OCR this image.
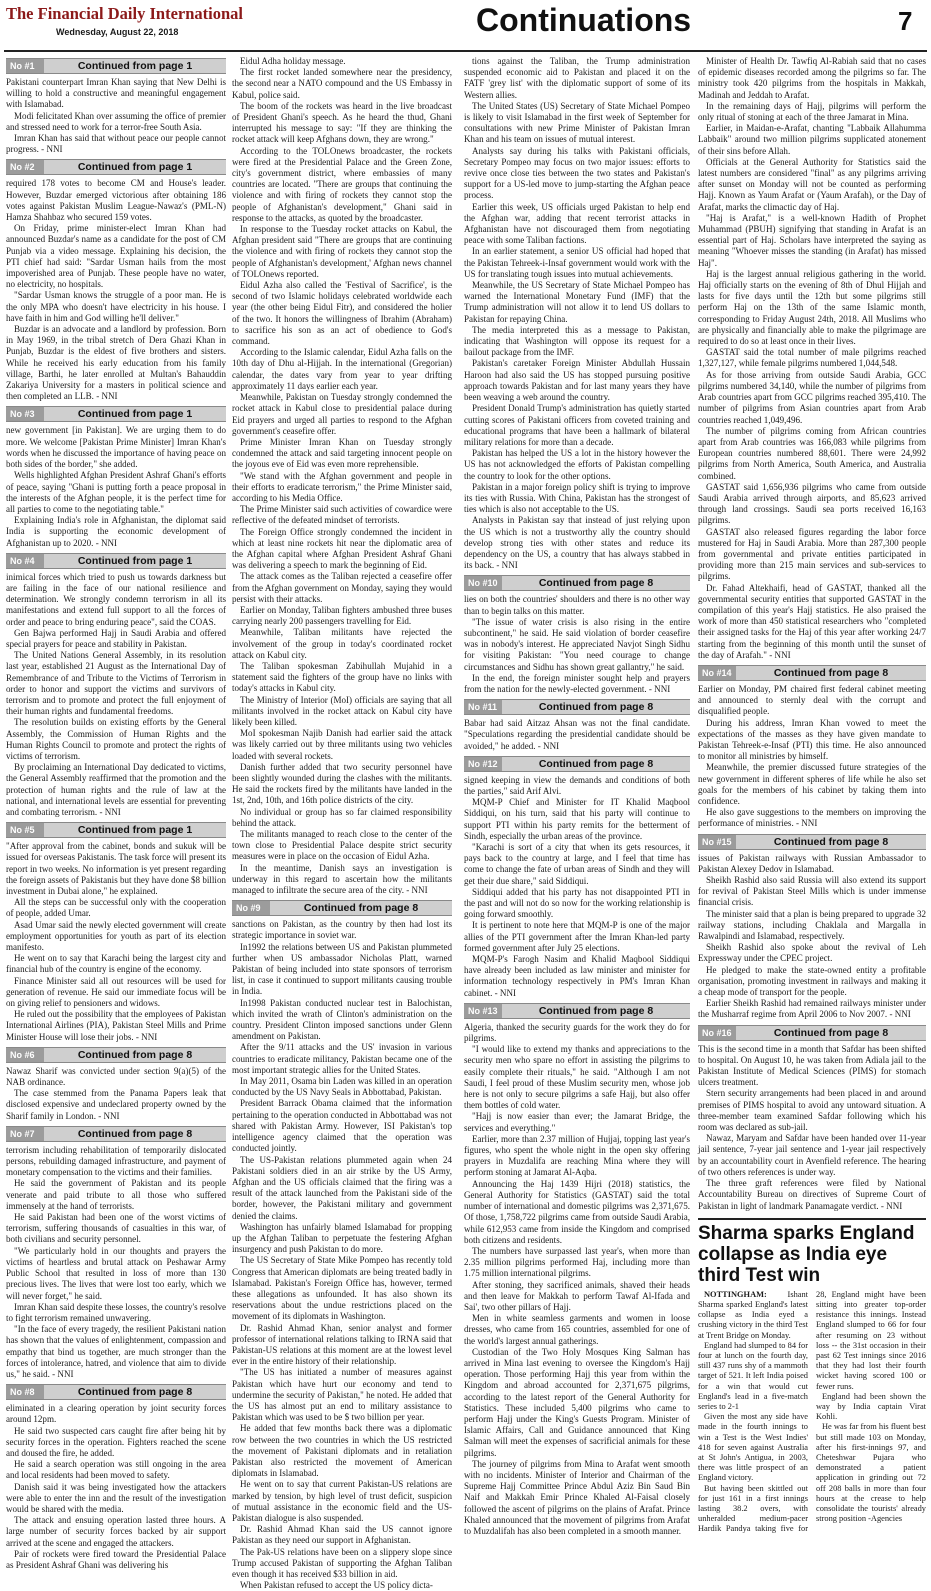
The Financial Daily International
Wednesday, August 22, 2018	Continuations	7
No #1	Continued from page 1

Pakistani counterpart Imran Khan saying that New Delhi is willing to hold a constructive and meaningful engagement with Islamabad.

Modi felicitated Khan over assuming the office of premier and stressed need to work for a terror-free South Asia.

Imran Khan has said that without peace our people cannot progress. - NNI

No #2	Continued from page 1

required 178 votes to become CM and House's leader. However, Buzdar emerged victorious after obtaining 186 votes against Pakistan Muslim League-Nawaz's (PML-N) Hamza Shahbaz who secured 159 votes.

On Friday, prime minister-elect Imran Khan had announced Buzdar's name as a candidate for the post of CM Punjab via a video message. Explaining his decision, the PTI chief had said: "Sardar Usman hails from the most impoverished area of Punjab. These people have no water, no electricity, no hospitals.

"Sardar Usman knows the struggle of a poor man. He is the only MPA who doesn't have electricity in his house. I have faith in him and God willing he'll deliver."

Buzdar is an advocate and a landlord by profession. Born in May 1969, in the tribal stretch of Dera Ghazi Khan in Punjab, Buzdar is the eldest of five brothers and sisters. While he received his early education from his family village, Barthi, he later enrolled at Multan's Bahauddin Zakariya University for a masters in political science and then completed an LLB. - NNI

No #3	Continued from page 1

new government [in Pakistan]. We are urging them to do more. We welcome [Pakistan Prime Minister] Imran Khan's words when he discussed the importance of having peace on both sides of the border," she added.

Wells highlighted Afghan President Ashraf Ghani's efforts of peace, saying "Ghani is putting forth a peace proposal in the interests of the Afghan people, it is the perfect time for all parties to come to the negotiating table."

Explaining India's role in Afghanistan, the diplomat said India is supporting the economic development of Afghanistan up to 2020. - NNI

No #4	Continued from page 1

inimical forces which tried to push us towards darkness but are failing in the face of our national resilience and determination. We strongly condemn terrorism in all its manifestations and extend full support to all the forces of order and peace to bring enduring peace", said the COAS.

Gen Bajwa performed Hajj in Saudi Arabia and offered special prayers for peace and stability in Pakistan.

The United Nations General Assembly, in its resolution last year, established 21 August as the International Day of Remembrance of and Tribute to the Victims of Terrorism in order to honor and support the victims and survivors of terrorism and to promote and protect the full enjoyment of their human rights and fundamental freedoms.

The resolution builds on existing efforts by the General Assembly, the Commission of Human Rights and the Human Rights Council to promote and protect the rights of victims of terrorism.

By proclaiming an International Day dedicated to victims, the General Assembly reaffirmed that the promotion and the protection of human rights and the rule of law at the national, and international levels are essential for preventing and combating terrorism. - NNI

No #5	Continued from page 1

"After approval from the cabinet, bonds and sukuk will be issued for overseas Pakistanis. The task force will present its report in two weeks. No information is yet present regarding the foreign assets of Pakistanis but they have done $8 billion investment in Dubai alone," he explained.

All the steps can be successful only with the cooperation of people, added Umar.

Asad Umar said the newly elected government will create employment opportunities for youth as part of its election manifesto.

He went on to say that Karachi being the largest city and financial hub of the country is engine of the economy.

Finance Minister said all out resources will be used for generation of revenue. He said our immediate focus will be on giving relief to pensioners and widows.

He ruled out the possibility that the employees of Pakistan International Airlines (PIA), Pakistan Steel Mills and Prime Minister House will lose their jobs. - NNI

No #6	Continued from page 8

Nawaz Sharif was convicted under section 9(a)(5) of the NAB ordinance.

The case stemmed from the Panama Papers leak that disclosed expensive and undeclared property owned by the Sharif family in London. - NNI

No #7	Continued from page 8

terrorism including rehabilitation of temporarily dislocated persons, rebuilding damaged infrastructure, and payment of monetary compensation to the victims and their families.

He said the government of Pakistan and its people venerate and paid tribute to all those who suffered immensely at the hand of terrorists.

He said Pakistan had been one of the worst victims of terrorism, suffering thousands of casualties in this war, of both civilians and security personnel.

"We particularly hold in our thoughts and prayers the victims of heartless and brutal attack on Peshawar Army Public School that resulted in loss of more than 130 precious lives. The lives that were lost too early, which we will never forget," he said.

Imran Khan said despite these losses, the country's resolve to fight terrorism remained unwavering.

"In the face of every tragedy, the resilient Pakistani nation has shown that the values of enlightenment, compassion and empathy that bind us together, are much stronger than the forces of intolerance, hatred, and violence that aim to divide us," he said. - NNI

No #8	Continued from page 8

eliminated in a clearing operation by joint security forces around 12pm.

He said two suspected cars caught fire after being hit by security forces in the operation. Fighters reached the scene and doused the fire, he added.

He said a search operation was still ongoing in the area and local residents had been moved to safety.

Danish said it was being investigated how the attackers were able to enter the inn and the result of the investigation would be shared with the media.

The attack and ensuing operation lasted three hours. A large number of security forces backed by air support arrived at the scene and engaged the attackers.

Pair of rockets were fired toward the Presidential Palace as President Ashraf Ghani was delivering his

Eidul Adha holiday message.

The first rocket landed somewhere near the presidency, the second near a NATO compound and the US Embassy in Kabul, police said.

The boom of the rockets was heard in the live broadcast of President Ghani's speech. As he heard the thud, Ghani interrupted his message to say: "If they are thinking the rocket attack will keep Afghans down, they are wrong."

According to the TOLOnews broadcaster, the rockets were fired at the Presidential Palace and the Green Zone, city's government district, where embassies of many countries are located. "There are groups that continuing the violence and with firing of rockets they cannot stop the people of Afghanistan's development," Ghani said in response to the attacks, as quoted by the broadcaster.

In response to the Tuesday rocket attacks on Kabul, the Afghan president said "There are groups that are continuing the violence and with firing of rockets they cannot stop the people of Afghanistan's development,' Afghan news channel of TOLOnews reported.

Eidul Azha also called the 'Festival of Sacrifice', is the second of two Islamic holidays celebrated worldwide each year (the other being Eidul Fitr), and considered the holier of the two. It honors the willingness of Ibrahim (Abraham) to sacrifice his son as an act of obedience to God's command.

According to the Islamic calendar, Eidul Azha falls on the 10th day of Dhu al-Hijjah. In the international (Gregorian) calendar, the dates vary from year to year drifting approximately 11 days earlier each year.

Meanwhile, Pakistan on Tuesday strongly condemned the rocket attack in Kabul close to presidential palace during Eid prayers and urged all parties to respond to the Afghan government's ceasefire offer.

Prime Minister Imran Khan on Tuesday strongly condemned the attack and said targeting innocent people on the joyous eve of Eid was even more reprehensible.

"We stand with the Afghan government and people in their efforts to eradicate terrorism," the Prime Minister said, according to his Media Office.

The Prime Minister said such activities of cowardice were reflective of the defeated mindset of terrorists.

The Foreign Office strongly condemned the incident in which at least nine rockets hit near the diplomatic area of the Afghan capital where Afghan President Ashraf Ghani was delivering a speech to mark the beginning of Eid.

The attack comes as the Taliban rejected a ceasefire offer from the Afghan government on Monday, saying they would persist with their attacks.

Earlier on Monday, Taliban fighters ambushed three buses carrying nearly 200 passengers travelling for Eid.

Meanwhile, Taliban militants have rejected the involvement of the group in today's coordinated rocket attack on Kabul city.

The Taliban spokesman Zabihullah Mujahid in a statement said the fighters of the group have no links with today's attacks in Kabul city.

The Ministry of Interior (MoI) officials are saying that all militants involved in the rocket attack on Kabul city have likely been killed.

MoI spokesman Najib Danish had earlier said the attack was likely carried out by three militants using two vehicles loaded with several rockets.

Danish further added that two security personnel have been slightly wounded during the clashes with the militants. He said the rockets fired by the militants have landed in the 1st, 2nd, 10th, and 16th police districts of the city.

No individual or group has so far claimed responsibility behind the attack.

The militants managed to reach close to the center of the town close to Presidential Palace despite strict security measures were in place on the occasion of Eidul Azha.

In the meantime, Danish says an investigation is underway in this regard to ascertain how the militants managed to infiltrate the secure area of the city. - NNI

No #9	Continued from page 8

sanctions on Pakistan, as the country by then had lost its strategic importance in soviet war.

In1992 the relations between US and Pakistan plummeted further when US ambassador Nicholas Platt, warned Pakistan of being included into state sponsors of terrorism list, in case it continued to support militants causing trouble in India.

In1998 Pakistan conducted nuclear test in Balochistan, which invited the wrath of Clinton's administration on the country. President Clinton imposed sanctions under Glenn amendment on Pakistan.

After the 9/11 attacks and the US' invasion in various countries to eradicate militancy, Pakistan became one of the most important strategic allies for the United States.

In May 2011, Osama bin Laden was killed in an operation conducted by the US Navy Seals in Abbottabad, Pakistan.

President Barrack Obama claimed that the information pertaining to the operation conducted in Abbottabad was not shared with Pakistan Army. However, ISI Pakistan's top intelligence agency claimed that the operation was conducted jointly.

The US-Pakistan relations plummeted again when 24 Pakistani soldiers died in an air strike by the US Army, Afghan and the US officials claimed that the firing was a result of the attack launched from the Pakistani side of the border, however, the Pakistani military and government denied the claims.

Washington has unfairly blamed Islamabad for propping up the Afghan Taliban to perpetuate the festering Afghan insurgency and push Pakistan to do more.

The US Secretary of State Mike Pompeo has recently told Congress that American diplomats are being treated badly in Islamabad. Pakistan's Foreign Office has, however, termed these allegations as unfounded. It has also shown its reservations about the undue restrictions placed on the movement of its diplomats in Washington.

Dr. Rashid Ahmad Khan, senior analyst and former professor of international relations talking to IRNA said that Pakistan-US relations at this moment are at the lowest level ever in the entire history of their relationship.

"The US has initiated a number of measures against Pakistan which have hurt our economy and tend to undermine the security of Pakistan," he noted. He added that the US has almost put an end to military assistance to Pakistan which was used to be $ two billion per year.

He added that few months back there was a diplomatic row between the two countries in which the US restricted the movement of Pakistani diplomats and in retaliation Pakistan also restricted the movement of American diplomats in Islamabad.

He went on to say that current Pakistan-US relations are marked by tension, by high level of trust deficit, suspicion of mutual assistance in the economic field and the US-Pakistan dialogue is also suspended.

Dr. Rashid Ahmad Khan said the US cannot ignore Pakistan as they need our support in Afghanistan.

The Pak-US relations have been on a slippery slope since Trump accused Pakistan of supporting the Afghan Taliban even though it has received $33 billion in aid.

When Pakistan refused to accept the US policy dicta-

tions against the Taliban, the Trump administration suspended economic aid to Pakistan and placed it on the FATF 'grey list' with the diplomatic support of some of its Western allies.

The United States (US) Secretary of State Michael Pompeo is likely to visit Islamabad in the first week of September for consultations with new Prime Minister of Pakistan Imran Khan and his team on issues of mutual interest.

Analysts say during his talks with Pakistani officials, Secretary Pompeo may focus on two major issues: efforts to revive once close ties between the two states and Pakistan's support for a US-led move to jump-starting the Afghan peace process.

Earlier this week, US officials urged Pakistan to help end the Afghan war, adding that recent terrorist attacks in Afghanistan have not discouraged them from negotiating peace with some Taliban factions.

In an earlier statement, a senior US official had hoped that the Pakistan Tehreek-i-Insaf government would work with the US for translating tough issues into mutual achievements.

Meanwhile, the US Secretary of State Michael Pompeo has warned the International Monetary Fund (IMF) that the Trump administration will not allow it to lend US dollars to Pakistan for repaying China.

The media interpreted this as a message to Pakistan, indicating that Washington will oppose its request for a bailout package from the IMF.

Pakistan's caretaker Foreign Minister Abdullah Hussain Haroon had also said the US has stopped pursuing positive approach towards Pakistan and for last many years they have been weaving a web around the country.

President Donald Trump's administration has quietly started cutting scores of Pakistani officers from coveted training and educational programs that have been a hallmark of bilateral military relations for more than a decade.

Pakistan has helped the US a lot in the history however the US has not acknowledged the efforts of Pakistan compelling the country to look for the other options.

Pakistan in a major foreign policy shift is trying to improve its ties with Russia. With China, Pakistan has the strongest of ties which is also not acceptable to the US.

Analysts in Pakistan say that instead of just relying upon the US which is not a trustworthy ally the country should develop strong ties with other states and reduce its dependency on the US, a country that has always stabbed in its back. - NNI

No #10	Continued from page 8

lies on both the countries' shoulders and there is no other way than to begin talks on this matter.

"The issue of water crisis is also rising in the entire subcontinent," he said. He said violation of border ceasefire was in nobody's interest. He appreciated Navjot Singh Sidhu for visiting Pakistan: "You need courage to change circumstances and Sidhu has shown great gallantry," he said.

In the end, the foreign minister sought help and prayers from the nation for the newly-elected government. - NNI

No #11	Continued from page 8

Babar had said Aitzaz Ahsan was not the final candidate. "Speculations regarding the presidential candidate should be avoided," he added. - NNI

No #12	Continued from page 8

signed keeping in view the demands and conditions of both the parties," said Arif Alvi.

MQM-P Chief and Minister for IT Khalid Maqbool Siddiqui, on his turn, said that his party will continue to support PTI within his party remits for the betterment of Sindh, especially the urban areas of the province.

"Karachi is sort of a city that when its gets resources, it pays back to the country at large, and I feel that time has come to change the fate of urban areas of Sindh and they will get their due share," said Siddiqui.

Siddiqui added that his party has not disappointed PTI in the past and will not do so now for the working relationship is going forward smoothly.

It is pertinent to note here that MQM-P is one of the major allies of the PTI government after the Imran Khan-led party formed government after July 25 elections.

MQM-P's Farogh Nasim and Khalid Maqbool Siddiqui have already been included as law minister and minister for information technology respectively in PM's Imran Khan cabinet. - NNI

No #13	Continued from page 8

Algeria, thanked the security guards for the work they do for pilgrims.

"I would like to extend my thanks and appreciations to the security men who spare no effort in assisting the pilgrims to easily complete their rituals," he said. "Although I am not Saudi, I feel proud of these Muslim security men, whose job here is not only to secure pilgrims a safe Hajj, but also offer them bottles of cold water.

"Hajj is now easier than ever; the Jamarat Bridge, the services and everything."

Earlier, more than 2.37 million of Hujjaj, topping last year's figures, who spent the whole night in the open sky offering prayers in Muzdalifa are reaching Mina where they will perform stoning at Jamarat Al-Aqba.

Announcing the Haj 1439 Hijri (2018) statistics, the General Authority for Statistics (GASTAT) said the total number of international and domestic pilgrims was 2,371,675. Of those, 1,758,722 pilgrims came from outside Saudi Arabia, while 612,953 came from inside the Kingdom and comprised both citizens and residents.

The numbers have surpassed last year's, when more than 2.35 million pilgrims performed Haj, including more than 1.75 million international pilgrims.

After stoning, they sacrificed animals, shaved their heads and then leave for Makkah to perform Tawaf Al-Ifada and Sai', two other pillars of Hajj.

Men in white seamless garments and women in loose dresses, who came from 165 countries, assembled for one of the world's largest annual gatherings.

Custodian of the Two Holy Mosques King Salman has arrived in Mina last evening to oversee the Kingdom's Hajj operation. Those performing Hajj this year from within the Kingdom and abroad accounted for 2,371,675 pilgrims, according to the latest report of the General Authority for Statistics. These included 5,400 pilgrims who came to perform Hajj under the King's Guests Program. Minister of Islamic Affairs, Call and Guidance announced that King Salman will meet the expenses of sacrificial animals for these pilgrims.

The journey of pilgrims from Mina to Arafat went smooth with no incidents. Minister of Interior and Chairman of the Supreme Hajj Committee Prince Abdul Aziz Bin Saud Bin Naif and Makkah Emir Prince Khaled Al-Faisal closely followed the ascent of pilgrims on the plains of Arafat. Prince Khaled announced that the movement of pilgrims from Arafat to Muzdalifah has also been completed in a smooth manner.

Minister of Health Dr. Tawfiq Al-Rabiah said that no cases of epidemic diseases recorded among the pilgrims so far. The ministry took 420 pilgrims from the hospitals in Makkah, Madinah and Jeddah to Arafat.

In the remaining days of Hajj, pilgrims will perform the only ritual of stoning at each of the three Jamarat in Mina.

Earlier, in Maidan-e-Arafat, chanting "Labbaik Allahumma Labbaik" around two million pilgrims supplicated atonement of their sins before Allah.

Officials at the General Authority for Statistics said the latest numbers are considered "final" as any pilgrims arriving after sunset on Monday will not be counted as performing Hajj. Known as Yaum Arafat or (Yaum Arafah), or the Day of Arafat, marks the climactic day of Haj.

"Haj is Arafat," is a well-known Hadith of Prophet Muhammad (PBUH) signifying that standing in Arafat is an essential part of Haj. Scholars have interpreted the saying as meaning "Whoever misses the standing (in Arafat) has missed Haj".

Haj is the largest annual religious gathering in the world. Haj officially starts on the evening of 8th of Dhul Hijjah and lasts for five days until the 12th but some pilgrims still perform Haj on the 13th of the same Islamic month, corresponding to Friday August 24th, 2018. All Muslims who are physically and financially able to make the pilgrimage are required to do so at least once in their lives.

GASTAT said the total number of male pilgrims reached 1,327,127, while female pilgrims numbered 1,044,548.

As for those arriving from outside Saudi Arabia, GCC pilgrims numbered 34,140, while the number of pilgrims from Arab countries apart from GCC pilgrims reached 395,410. The number of pilgrims from Asian countries apart from Arab countries reached 1,049,496.

The number of pilgrims coming from African countries apart from Arab countries was 166,083 while pilgrims from European countries numbered 88,601. There were 24,992 pilgrims from North America, South America, and Australia combined.

GASTAT said 1,656,936 pilgrims who came from outside Saudi Arabia arrived through airports, and 85,623 arrived through land crossings. Saudi sea ports received 16,163 pilgrims.

GASTAT also released figures regarding the labor force mustered for Haj in Saudi Arabia. More than 287,300 people from governmental and private entities participated in providing more than 215 main services and sub-services to pilgrims.

Dr. Fahad Altekhaifi, head of GASTAT, thanked all the governmental security entities that supported GASTAT in the compilation of this year's Hajj statistics. He also praised the work of more than 450 statistical researchers who "completed their assigned tasks for the Haj of this year after working 24/7 starting from the beginning of this month until the sunset of the day of Arafah." - NNI

No #14	Continued from page 8

Earlier on Monday, PM chaired first federal cabinet meeting and announced to sternly deal with the corrupt and disqualified people.

During his address, Imran Khan vowed to meet the expectations of the masses as they have given mandate to Pakistan Tehreek-e-Insaf (PTI) this time. He also announced to monitor all ministries by himself.

Meanwhile, the premier discussed future strategies of the new government in different spheres of life while he also set goals for the members of his cabinet by taking them into confidence.

He also gave suggestions to the members on improving the performance of ministries. - NNI

No #15	Continued from page 8

issues of Pakistan railways with Russian Ambassador to Pakistan Alexey Dedov in Islamabad.

Sheikh Rashid also said Russia will also extend its support for revival of Pakistan Steel Mills which is under immense financial crisis.

The minister said that a plan is being prepared to upgrade 32 railway stations, including Chaklala and Margalla in Rawalpindi and Islamabad, respectively.

Sheikh Rashid also spoke about the revival of Leh Expressway under the CPEC project.

He pledged to make the state-owned entity a profitable organisation, promoting investment in railways and making it a cheap mode of transport for the people.

Earlier Sheikh Rashid had remained railways minister under the Musharraf regime from April 2006 to Nov 2007. - NNI

No #16	Continued from page 8

This is the second time in a month that Safdar has been shifted to hospital. On August 10, he was taken from Adiala jail to the Pakistan Institute of Medical Sciences (PIMS) for stomach ulcers treatment.

Stern security arrangements had been placed in and around premises of PIMS hospital to avoid any untoward situation. A three-member team examined Safdar following which his room was declared as sub-jail.

Nawaz, Maryam and Safdar have been handed over 11-year jail sentence, 7-year jail sentence and 1-year jail respectively by an accountability court in Avenfield reference. The hearing of two others references is under way.

The three graft references were filed by National Accountability Bureau on directives of Supreme Court of Pakistan in light of landmark Panamagate verdict. - NNI

Sharma sparks England collapse as India eye third Test win

NOTTINGHAM: Ishant Sharma sparked England's latest collapse as India eyed a crushing victory in the third Test at Trent Bridge on Monday.

England had slumped to 84 for four at lunch on the fourth day, still 437 runs shy of a mammoth target of 521. It left India poised for a win that would cut England's lead in a five-match series to 2-1

Given the most any side have made in the fourth innings to win a Test is the West Indies' 418 for seven against Australia at St John's Antigua, in 2003, there was little prospect of an England victory.

But having been skittled out for just 161 in a first innings lasting 38.2 overs, with unheralded medium-pacer Hardik Pandya taking five for 28, England might have been sitting into greater top-order resistance this innings. Instead England slumped to 66 for four after resuming on 23 without loss -- the 31st occasion in their past 62 Test innings since 2016 that they had lost their fourth wicket having scored 100 or fewer runs.

England had been shown the way by India captain Virat Kohli.

He was far from his fluent best but still made 103 on Monday, after his first-innings 97, and Cheteshwar Pujara who demonstrated a patient application in grinding out 72 off 208 balls in more than four hours at the crease to help consolidate the tourists' already strong position -Agencies
